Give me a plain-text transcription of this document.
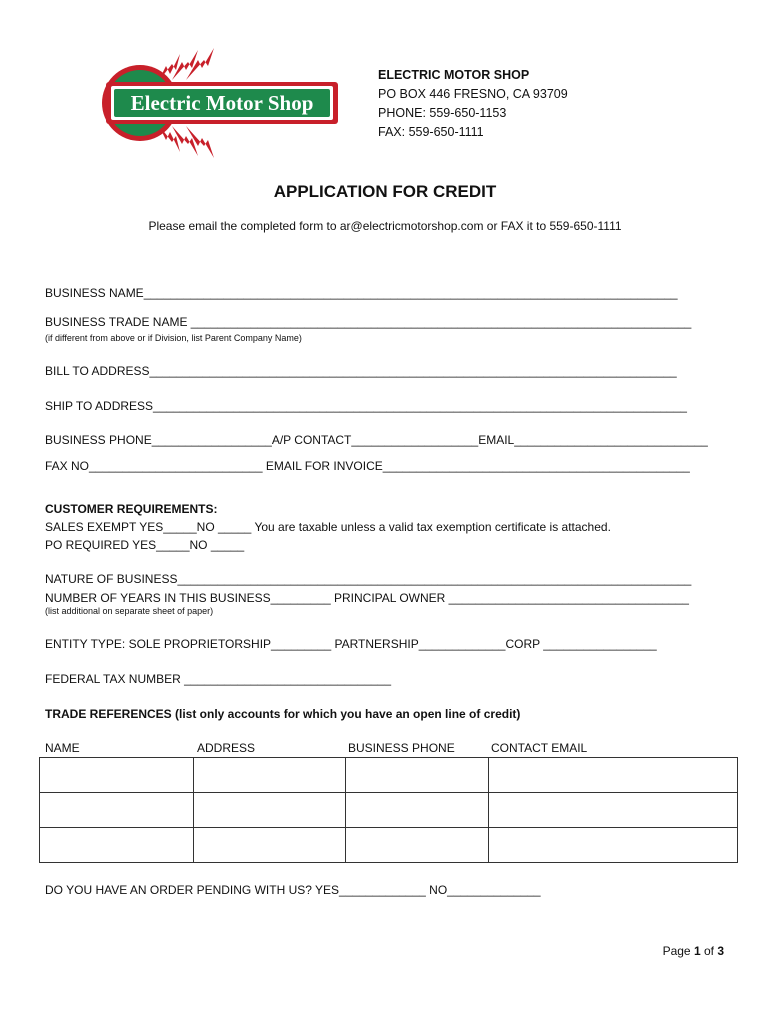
Electric Motor Shop
ELECTRIC MOTOR SHOP
PO BOX 446 FRESNO, CA 93709
PHONE: 559-650-1153
FAX: 559-650-1111
APPLICATION FOR CREDIT
Please email the completed form to ar@electricmotorshop.com or FAX it to 559-650-1111
BUSINESS NAME________________________________________________________________________________
BUSINESS TRADE NAME ___________________________________________________________________________
(if different from above or if Division, list Parent Company Name)
BILL TO ADDRESS_______________________________________________________________________________
SHIP TO ADDRESS________________________________________________________________________________
BUSINESS PHONE__________________A/P CONTACT___________________EMAIL_____________________________
FAX NO__________________________ EMAIL FOR INVOICE______________________________________________
CUSTOMER REQUIREMENTS:
SALES EXEMPT YES_____NO _____ You are taxable unless a valid tax exemption certificate is attached.
PO REQUIRED YES_____NO _____
NATURE OF BUSINESS_____________________________________________________________________________
NUMBER OF YEARS IN THIS BUSINESS_________ PRINCIPAL OWNER ____________________________________
(list additional on separate sheet of paper)
ENTITY TYPE: SOLE PROPRIETORSHIP_________ PARTNERSHIP_____________CORP _________________
FEDERAL TAX NUMBER _______________________________
TRADE REFERENCES (list only accounts for which you have an open line of credit)
NAME	ADDRESS	BUSINESS PHONE	CONTACT EMAIL

DO YOU HAVE AN ORDER PENDING WITH US? YES_____________ NO______________
Page 1 of 3
